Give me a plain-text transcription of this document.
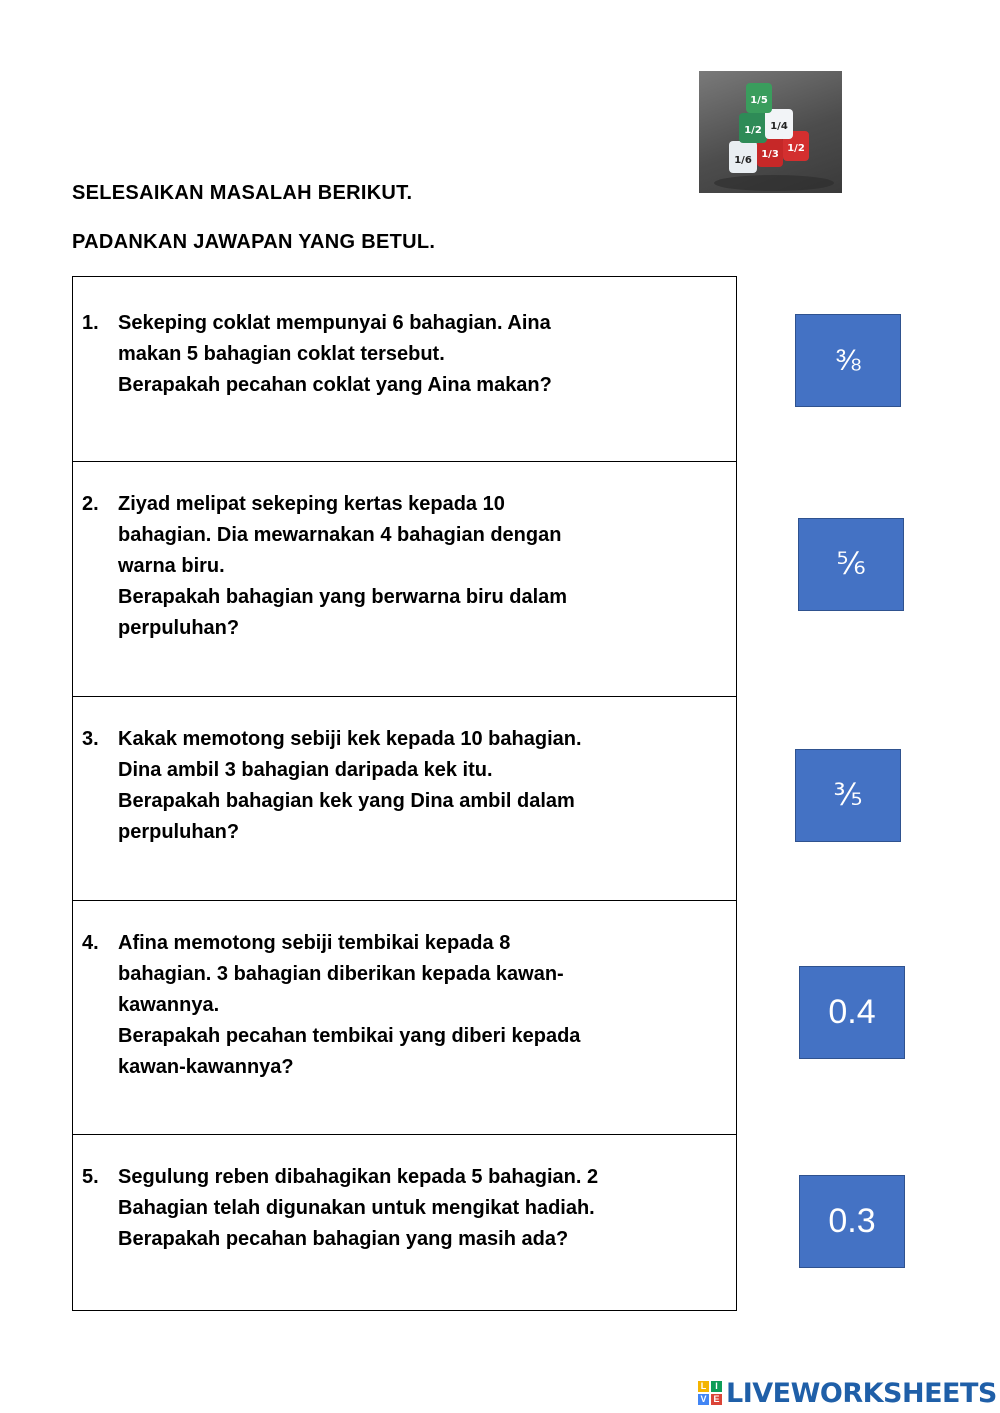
1/5
1/2 1/4
1/6
1/3
1/2
SELESAIKAN MASALAH BERIKUT.
PADANKAN JAWAPAN YANG BETUL.
1. Sekeping coklat mempunyai 6 bahagian. Aina
makan 5 bahagian coklat tersebut.
Berapakah pecahan coklat yang Aina makan?
2. Ziyad melipat sekeping kertas kepada 10
bahagian. Dia mewarnakan 4 bahagian dengan
warna biru.
Berapakah bahagian yang berwarna biru dalam
perpuluhan?
3. Kakak memotong sebiji kek kepada 10 bahagian.
Dina ambil 3 bahagian daripada kek itu.
Berapakah bahagian kek yang Dina ambil dalam
perpuluhan?
4. Afina memotong sebiji tembikai kepada 8
bahagian. 3 bahagian diberikan kepada kawan-
kawannya.
Berapakah pecahan tembikai yang diberi kepada
kawan-kawannya?
5. Segulung reben dibahagikan kepada 5 bahagian. 2
Bahagian telah digunakan untuk mengikat hadiah.
Berapakah pecahan bahagian yang masih ada?
⅜
⅚
⅗
0.4
0.3
L I
V E LIVEWORKSHEETS
